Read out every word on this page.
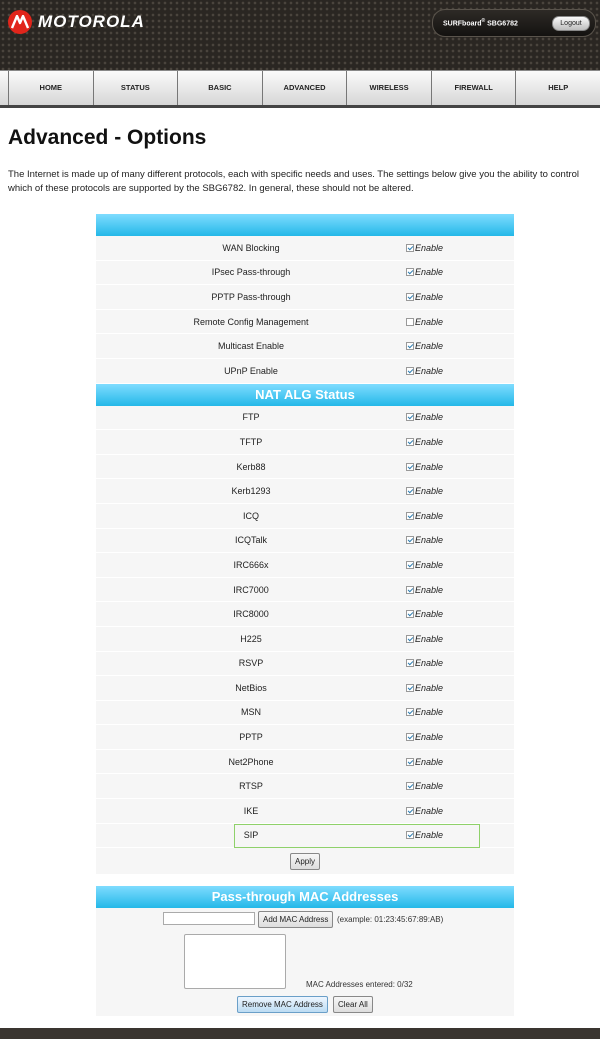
MOTOROLA	SURFboard® SBG6782	Logout
HOME	STATUS	BASIC	ADVANCED	WIRELESS	FIREWALL	HELP
Advanced - Options

The Internet is made up of many different protocols, each with specific needs and uses. The settings below give you the ability to control which of these protocols are supported by the SBG6782. In general, these should not be altered.

WAN Blocking	Enable
IPsec Pass-through	Enable
PPTP Pass-through	Enable
Remote Config Management	Enable
Multicast Enable	Enable
UPnP Enable	Enable
NAT ALG Status
FTP	Enable
TFTP	Enable
Kerb88	Enable
Kerb1293	Enable
ICQ	Enable
ICQTalk	Enable
IRC666x	Enable
IRC7000	Enable
IRC8000	Enable
H225	Enable
RSVP	Enable
NetBios	Enable
MSN	Enable
PPTP	Enable
Net2Phone	Enable
RTSP	Enable
IKE	Enable
SIP	Enable
Apply
Pass-through MAC Addresses
Add MAC Address	(example: 01:23:45:67:89:AB)
MAC Addresses entered: 0/32
Remove MAC Address	Clear All
